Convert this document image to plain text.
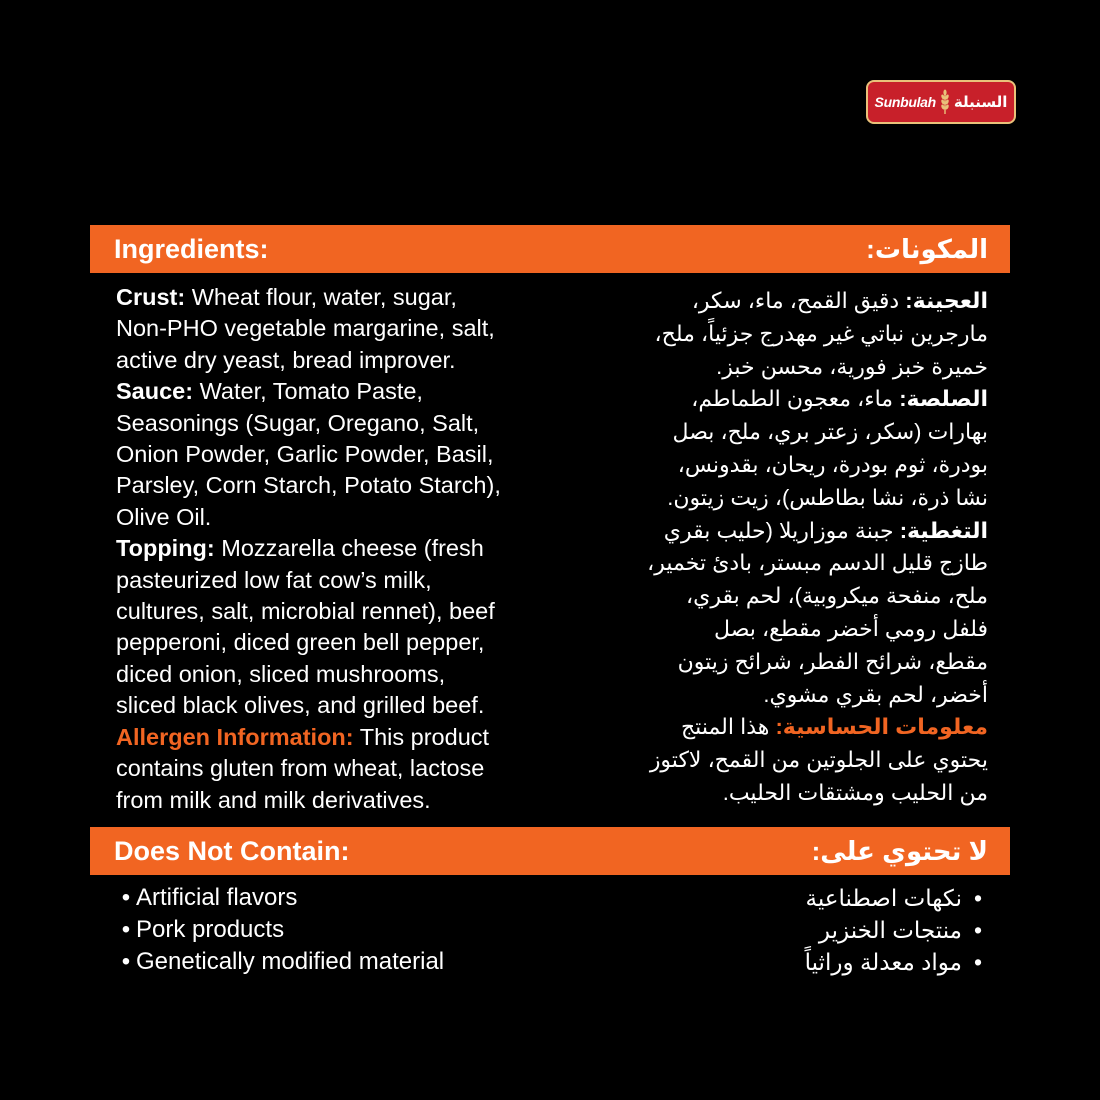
Sunbulah السنبلة
Ingredients:	المكونات:
Crust: Wheat flour, water, sugar,
Non-PHO vegetable margarine, salt,
active dry yeast, bread improver.
Sauce: Water, Tomato Paste,
Seasonings (Sugar, Oregano, Salt,
Onion Powder, Garlic Powder, Basil,
Parsley, Corn Starch, Potato Starch),
Olive Oil.
Topping: Mozzarella cheese (fresh
pasteurized low fat cow’s milk,
cultures, salt, microbial rennet), beef
pepperoni, diced green bell pepper,
diced onion, sliced mushrooms,
sliced black olives, and grilled beef.
Allergen Information: This product
contains gluten from wheat, lactose
from milk and milk derivatives.
العجينة: دقيق القمح، ماء، سكر،
مارجرين نباتي غير مهدرج جزئياً، ملح،
خميرة خبز فورية، محسن خبز.
الصلصة: ماء، معجون الطماطم،
بهارات (سكر، زعتر بري، ملح، بصل
بودرة، ثوم بودرة، ريحان، بقدونس،
نشا ذرة، نشا بطاطس)، زيت زيتون.
التغطية: جبنة موزاريلا (حليب بقري
طازج قليل الدسم مبستر، بادئ تخمير،
ملح، منفحة ميكروبية)، لحم بقري،
فلفل رومي أخضر مقطع، بصل
مقطع، شرائح الفطر، شرائح زيتون
أخضر، لحم بقري مشوي.
معلومات الحساسية: هذا المنتج
يحتوي على الجلوتين من القمح، لاكتوز
من الحليب ومشتقات الحليب.
Does Not Contain:	لا تحتوي على:
• Artificial flavors
• Pork products
• Genetically modified material
•
نكهات اصطناعية
•
منتجات الخنزير
•
مواد معدلة وراثياً
